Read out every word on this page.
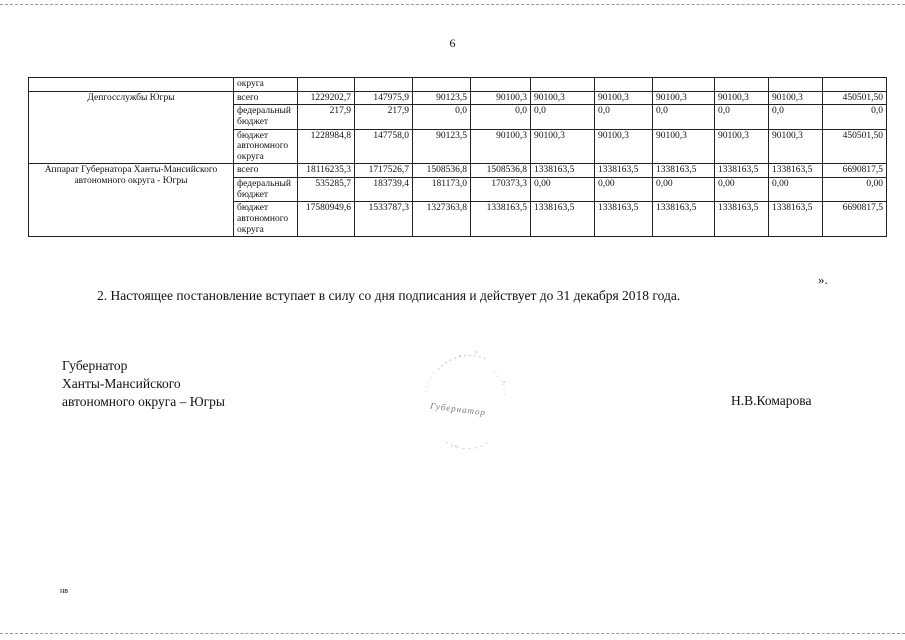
6
	округа										
Депгосслужбы Югры	всего	1229202,7	147975,9	90123,5	90100,3	90100,3	90100,3	90100,3	90100,3	90100,3	450501,50
	федеральный бюджет	217,9	217,9	0,0	0,0	0,0	0,0	0,0	0,0	0,0	0,0
	бюджет автономного округа	1228984,8	147758,0	90123,5	90100,3	90100,3	90100,3	90100,3	90100,3	90100,3	450501,50
Аппарат Губернатора Ханты-Мансийского автономного округа - Югры	всего	18116235,3	1717526,7	1508536,8	1508536,8	1338163,5	1338163,5	1338163,5	1338163,5	1338163,5	6690817,5
	федеральный бюджет	535285,7	183739,4	181173,0	170373,3	0,00	0,00	0,00	0,00	0,00	0,00
	бюджет автономного округа	17580949,6	1533787,3	1327363,8	1338163,5	1338163,5	1338163,5	1338163,5	1338163,5	1338163,5	6690817,5
».
2. Настоящее постановление вступает в силу со дня подписания и действует до 31 декабря 2018 года.
Губернатор
Ханты-Мансийского
автономного округа – Югры	Губернатор
Н.В.Комарова
нв
